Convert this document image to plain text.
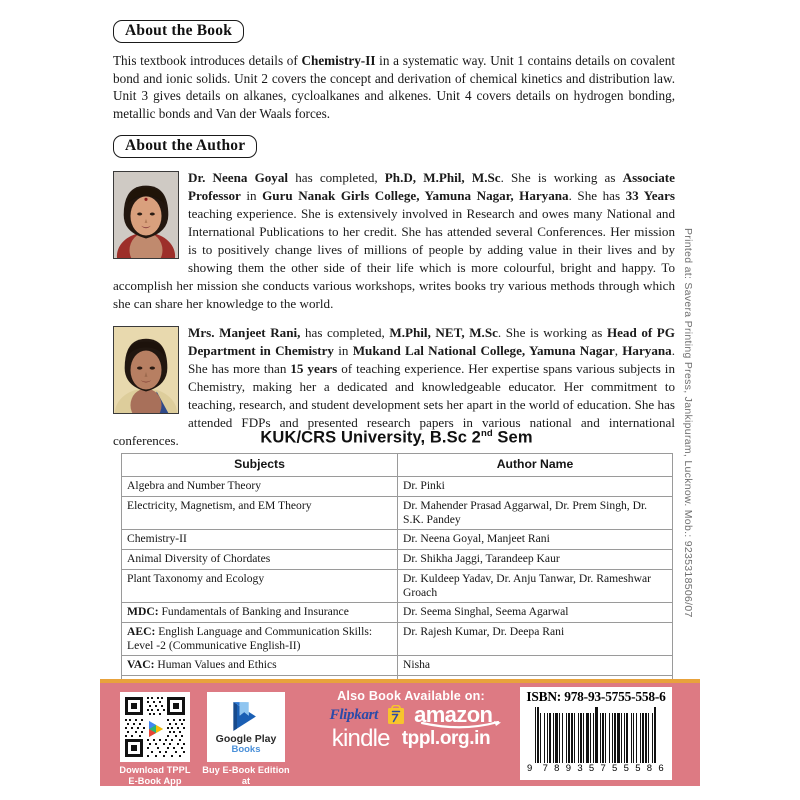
About the Book
This textbook introduces details of Chemistry-II in a systematic way. Unit 1 contains details on covalent bond and ionic solids. Unit 2 covers the concept and derivation of chemical kinetics and distribution law. Unit 3 gives details on alkanes, cycloalkanes and alkenes. Unit 4 covers details on hydrogen bonding, metallic bonds and Van der Waals forces.
About the Author
Dr. Neena Goyal has completed, Ph.D, M.Phil, M.Sc. She is working as Associate Professor in Guru Nanak Girls College, Yamuna Nagar, Haryana. She has 33 Years teaching experience. She is extensively involved in Research and owes many National and International Publications to her credit. She has attended several Conferences. Her mission is to positively change lives of millions of people by adding value in their lives and by showing them the other side of their life which is more colourful, bright and happy. To accomplish her mission she conducts various workshops, writes books try various methods through which she can share her knowledge to the world.
Mrs. Manjeet Rani, has completed, M.Phil, NET, M.Sc. She is working as Head of PG Department in Chemistry in Mukand Lal National College, Yamuna Nagar, Haryana. She has more than 15 years of teaching experience. Her expertise spans various subjects in Chemistry, making her a dedicated and knowledgeable educator. Her commitment to teaching, research, and student development sets her apart in the world of education. She has attended FDPs and presented research papers in various national and international conferences.	KUK/CRS University, B.Sc 2nd Sem
Subjects	Author Name
Algebra and Number Theory	Dr. Pinki
Electricity, Magnetism, and EM Theory	Dr. Mahender Prasad Aggarwal, Dr. Prem Singh, Dr. S.K. Pandey
Chemistry-II	Dr. Neena Goyal, Manjeet Rani
Animal Diversity of Chordates	Dr. Shikha Jaggi, Tarandeep Kaur
Plant Taxonomy and Ecology	Dr. Kuldeep Yadav, Dr. Anju Tanwar, Dr. Rameshwar Groach
MDC: Fundamentals of Banking and Insurance	Dr. Seema Singhal, Seema Agarwal
AEC: English Language and Communication Skills: Level -2 (Communicative English-II)	Dr. Rajesh Kumar, Dr. Deepa Rani
VAC: Human Values and Ethics	Nisha

Printed at: Savera Printing Press, Jankipuram, Lucknow. Mob.: 9235318506/07
Download TPPL
E-Book App
Google Play
Books
Buy E-Book Edition at
Googie Play Books
Also Book Available on:
Flipkart amazon
kindle tppl.org.in
ISBN: 978-93-5755-558-6
9 7 8 9 3 5 7 5 5 5 8 6
